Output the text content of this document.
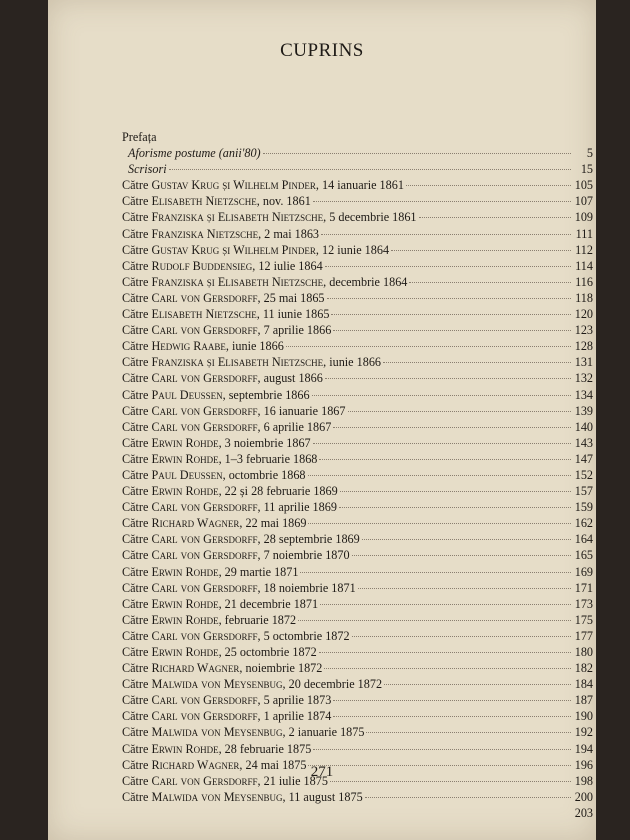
CUPRINS
Prefața
Aforisme postume (anii'80)	5
Scrisori	15
Către Gustav Krug și Wilhelm Pinder, 14 ianuarie 1861	105
Către Elisabeth Nietzsche, nov. 1861	107
Către Franziska și Elisabeth Nietzsche, 5 decembrie 1861	109
Către Franziska Nietzsche, 2 mai 1863	111
Către Gustav Krug și Wilhelm Pinder, 12 iunie 1864	112
Către Rudolf Buddensieg, 12 iulie 1864	114
Către Franziska și Elisabeth Nietzsche, decembrie 1864	116
Către Carl von Gersdorff, 25 mai 1865	118
Către Elisabeth Nietzsche, 11 iunie 1865	120
Către Carl von Gersdorff, 7 aprilie 1866	123
Către Hedwig Raabe, iunie 1866	128
Către Franziska și Elisabeth Nietzsche, iunie 1866	131
Către Carl von Gersdorff, august 1866	132
Către Paul Deussen, septembrie 1866	134
Către Carl von Gersdorff, 16 ianuarie 1867	139
Către Carl von Gersdorff, 6 aprilie 1867	140
Către Erwin Rohde, 3 noiembrie 1867	143
Către Erwin Rohde, 1–3 februarie 1868	147
Către Paul Deussen, octombrie 1868	152
Către Erwin Rohde, 22 și 28 februarie 1869	157
Către Carl von Gersdorff, 11 aprilie 1869	159
Către Richard Wagner, 22 mai 1869	162
Către Carl von Gersdorff, 28 septembrie 1869	164
Către Carl von Gersdorff, 7 noiembrie 1870	165
Către Erwin Rohde, 29 martie 1871	169
Către Carl von Gersdorff, 18 noiembrie 1871	171
Către Erwin Rohde, 21 decembrie 1871	173
Către Erwin Rohde, februarie 1872	175
Către Carl von Gersdorff, 5 octombrie 1872	177
Către Erwin Rohde, 25 octombrie 1872	180
Către Richard Wagner, noiembrie 1872	182
Către Malwida von Meysenbug, 20 decembrie 1872	184
Către Carl von Gersdorff, 5 aprilie 1873	187
Către Carl von Gersdorff, 1 aprilie 1874	190
Către Malwida von Meysenbug, 2 ianuarie 1875	192
Către Erwin Rohde, 28 februarie 1875	194
Către Richard Wagner, 24 mai 1875	196
Către Carl von Gersdorff, 21 iulie 1875	198
Către Malwida von Meysenbug, 11 august 1875	200
203
271
